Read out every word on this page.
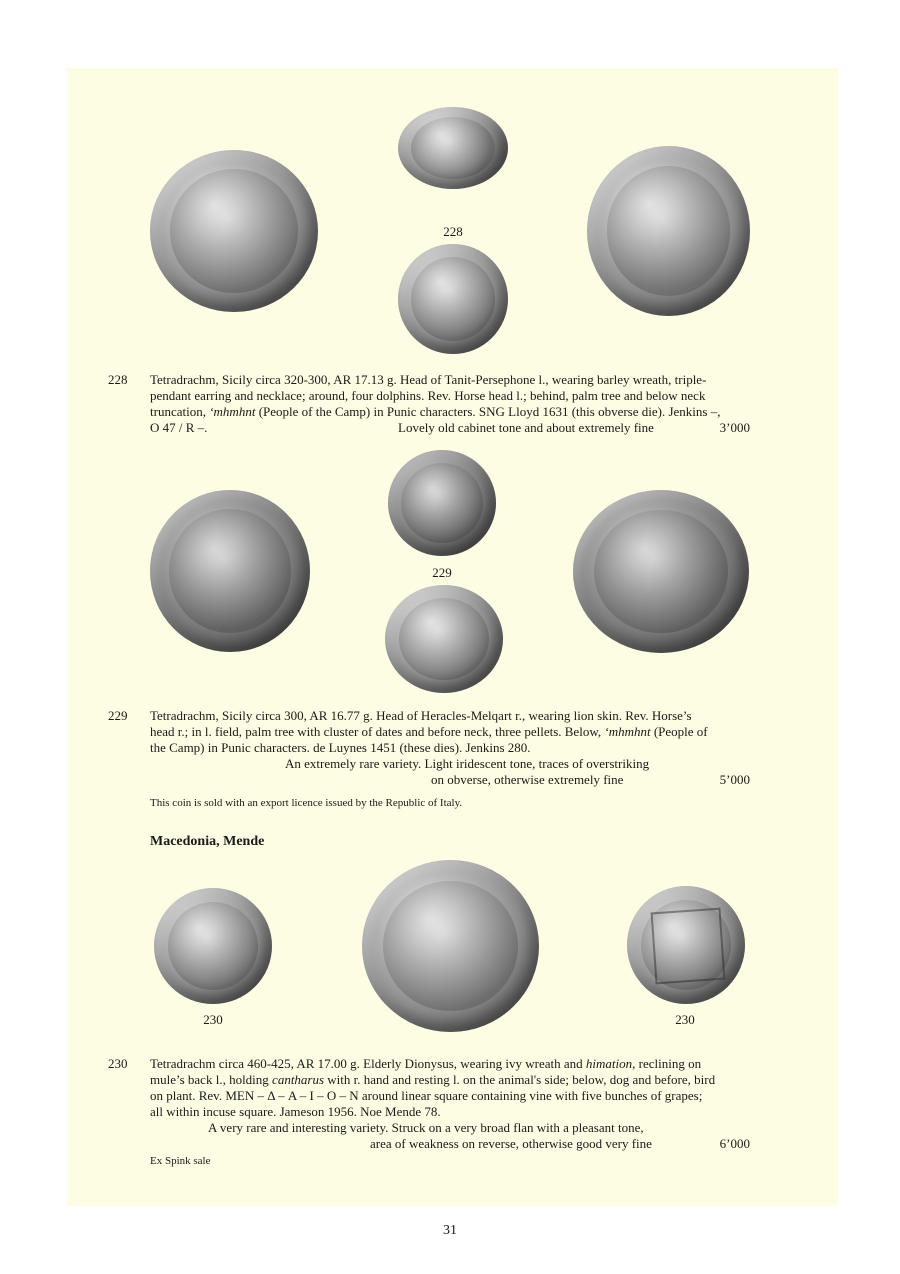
228
228 Tetradrachm, Sicily circa 320-300, AR 17.13 g. Head of Tanit-Persephone l., wearing barley wreath, triple-
pendant earring and necklace; around, four dolphins. Rev. Horse head l.; behind, palm tree and below neck
truncation, ‘mhmhnt (People of the Camp) in Punic characters. SNG Lloyd 1631 (this obverse die). Jenkins –,
O 47 / R –.	Lovely old cabinet tone and about extremely fine	3’000
229
229 Tetradrachm, Sicily circa 300, AR 16.77 g. Head of Heracles-Melqart r., wearing lion skin. Rev. Horse’s
head r.; in l. field, palm tree with cluster of dates and before neck, three pellets. Below, ‘mhmhnt (People of
the Camp) in Punic characters. de Luynes 1451 (these dies). Jenkins 280.
An extremely rare variety. Light iridescent tone, traces of overstriking
on obverse, otherwise extremely fine	5’000
This coin is sold with an export licence issued by the Republic of Italy.
Macedonia, Mende
230	230
230 Tetradrachm circa 460-425, AR 17.00 g. Elderly Dionysus, wearing ivy wreath and himation, reclining on
mule’s back l., holding cantharus with r. hand and resting l. on the animal's side; below, dog and before, bird
on plant. Rev. MEN – Δ – A – I – O – N around linear square containing vine with five bunches of grapes;
all within incuse square. Jameson 1956. Noe Mende 78.
A very rare and interesting variety. Struck on a very broad flan with a pleasant tone,
area of weakness on reverse, otherwise good very fine	6’000
Ex Spink sale
31
